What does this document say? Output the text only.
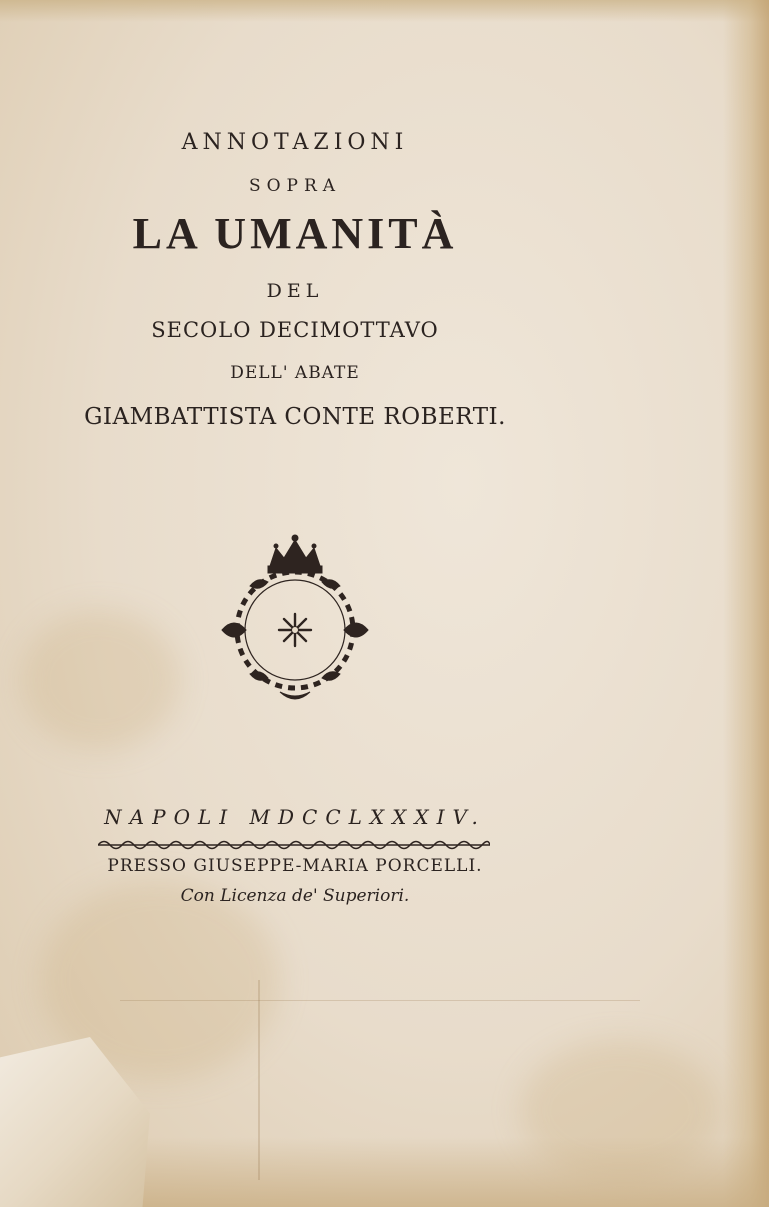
ANNOTAZIONI
SOPRA
LA UMANITÀ
DEL
SECOLO DECIMOTTAVO
DELL' ABATE
GIAMBATTISTA CONTE ROBERTI.
NAPOLI MDCCLXXXIV.
PRESSO GIUSEPPE-MARIA PORCELLI.
Con Licenza de' Superiori.
